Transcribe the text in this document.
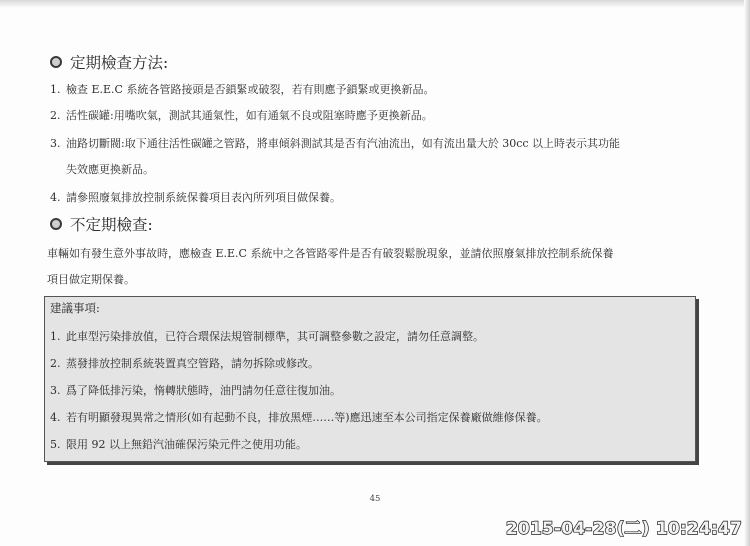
定期檢查方法:
1. 檢查 E.E.C 系統各管路接頭是否鎖緊或破裂，若有則應予鎖緊或更換新品。
2. 活性碳罐:用嘴吹氣，測試其通氣性，如有通氣不良或阻塞時應予更換新品。
3. 油路切斷閥:取下通往活性碳罐之管路，將車傾斜測試其是否有汽油流出，如有流出量大於 30cc 以上時表示其功能
失效應更換新品。
4. 請參照廢氣排放控制系統保養項目表內所列項目做保養。
不定期檢查:
車輛如有發生意外事故時，應檢查 E.E.C 系統中之各管路零件是否有破裂鬆脫現象，並請依照廢氣排放控制系統保養
項目做定期保養。
建議事項:
1. 此車型污染排放值，已符合環保法規管制標準，其可調整參數之設定，請勿任意調整。
2. 蒸發排放控制系統裝置真空管路，請勿拆除或修改。
3. 爲了降低排污染，惰轉狀態時，油門請勿任意往復加油。
4. 若有明顯發現異常之情形(如有起動不良，排放黑煙……等)應迅速至本公司指定保養廠做維修保養。
5. 限用 92 以上無鉛汽油確保污染元件之使用功能。
45
2015-04-28(二) 10:24:47
